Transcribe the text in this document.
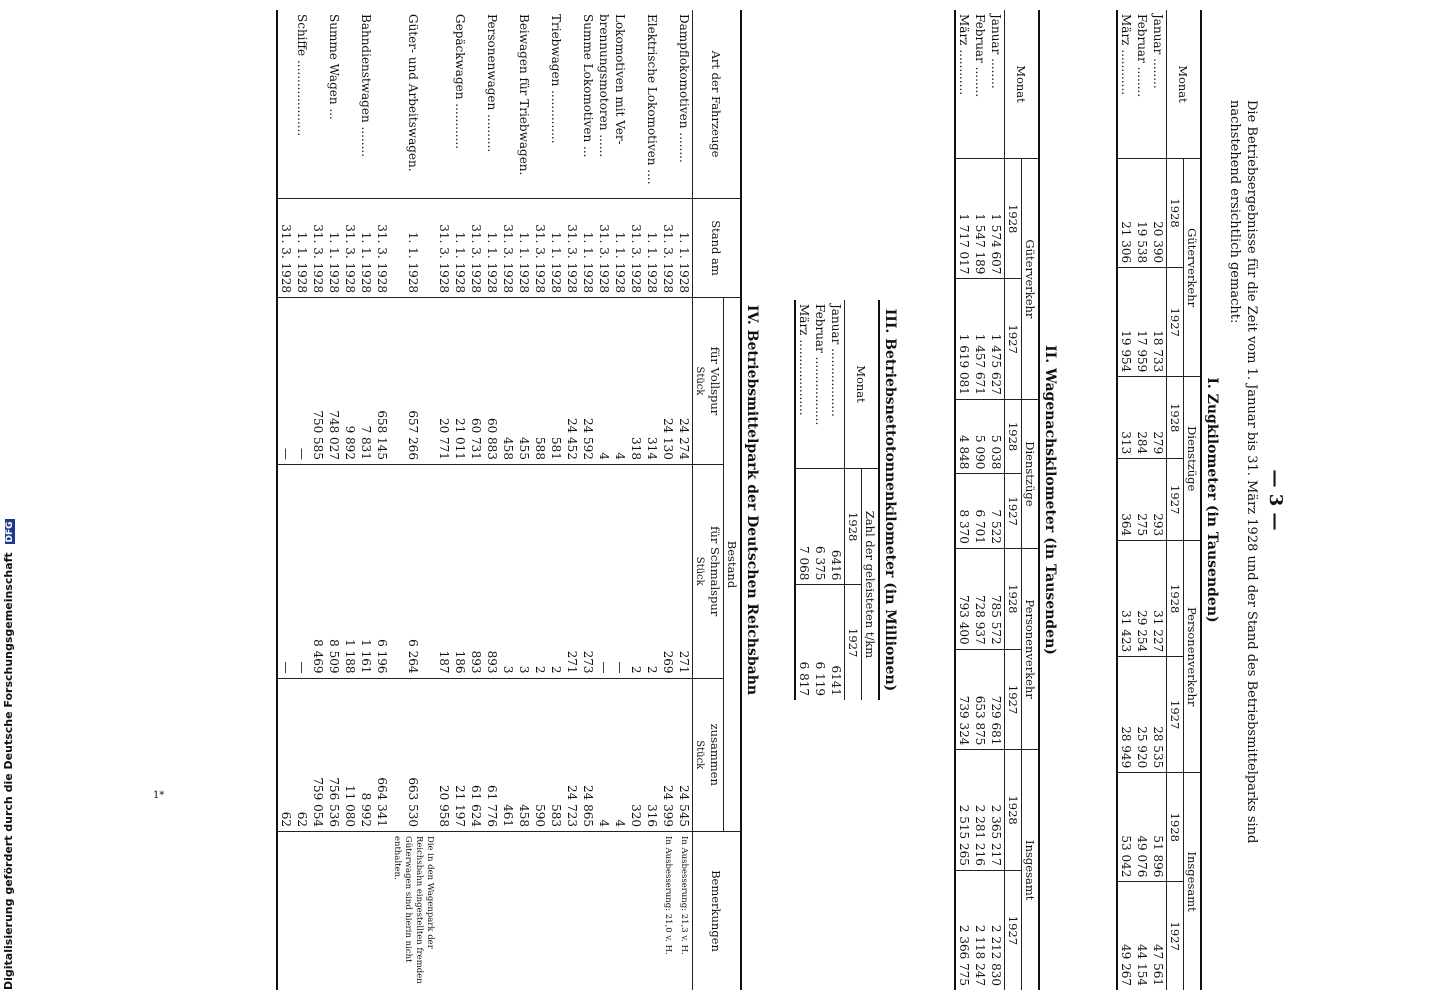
— 3 —
Die Betriebsergebnisse für die Zeit vom 1. Januar bis 31. März 1928 und der Stand des Betriebsmittelparks sind nachstehend ersichtlich gemacht:
I. Zugkilometer (in Tausenden)
Monat	Güterverkehr		Dienstzüge		Personenverkehr		Insgesamt	
	1928	1927	1928	1927	1928	1927	1928	1927
Januar ........	20 390	18 733	279	293	31 227	28 535	51 896	47 561
Februar ........	19 538	17 959	284	275	29 254	25 920	49 076	44 154
März ............	21 306	19 954	313	364	31 423	28 949	53 042	49 267
II. Wagenachskilometer (in Tausenden)
Monat	Güterverkehr		Dienstzüge		Personenverkehr		Insgesamt	
	1928	1927	1928	1927	1928	1927	1928	1927
Januar ........	1 574 607	1 475 627	5 038	7 522	785 572	729 681	2 365 217	2 212 830
Februar ........	1 547 189	1 457 671	5 090	6 701	728 937	653 875	2 281 216	2 118 247
März ............	1 717 017	1 619 081	4 848	8 370	793 400	739 324	2 515 265	2 366 775
III. Betriebsnettotonnenkilometer (in Millionen)
Monat	Zahl der geleisteten t/km	
	1928	1927
Januar ..................	6416	6141
Februar ..................	6 375	6 119
März ....................	7 068	6 817
IV. Betriebsmittelpark der Deutschen Reichsbahn
Art der Fahrzeuge	Stand am	Bestand			Bemerkungen
		für Vollspur
Stück	für Schmalspur
Stück	zusammen
Stück	
Dampflokomotiven ........	1. 1. 1928	24 274	271	24 545	In Ausbesserung: 21,3 v. H.
	31. 3. 1928	24 130	269	24 399	In Ausbesserung: 21,0 v. H.
Elektrische Lokomotiven ....	1. 1. 1928	314	2	316	
	31. 3. 1928	318	2	320	
Lokomotiven mit Ver-	1. 1. 1928	4	—	4	
brennungsmotoren ......	31. 3. 1928	4	—	4	
Summe Lokomotiven ...	1. 1. 1928	24 592	273	24 865	
	31. 3. 1928	24 452	271	24 723	
Triebwagen ..............	1. 1. 1928	581	2	583	
	31. 3. 1928	588	2	590	
Beiwagen für Triebwagen.	1. 1. 1928	455	3	458	
	31. 3. 1928	458	3	461	
Personenwagen ..........	1. 1. 1928	60 883	893	61 776	
	31. 3. 1928	60 731	893	61 624	
Gepäckwagen ............	1. 1. 1928	21 011	186	21 197	
	31. 3. 1928	20 771	187	20 958	
Güter- und Arbeitswagen.	1. 1. 1928	657 266	6 264	663 530	Die in den Wagenpark der Reichsbahn eingestellten fremden Güterwagen sind hierin nicht enthalten.
	31. 3. 1928	658 145	6 196	664 341	
Bahndienstwagen ........	1. 1. 1928	7 831	1 161	8 992	
	31. 3. 1928	9 892	1 188	11 080	
Summe Wagen ...	1. 1. 1928	748 027	8 509	756 536	
	31. 3. 1928	750 585	8 469	759 054	
Schiffe ....................	1. 1. 1928	—	—	62	
	31. 3. 1928	—	—	62	
1*
Digitalisierung gefördert durch die Deutsche Forschungsgemeinschaft DFG
